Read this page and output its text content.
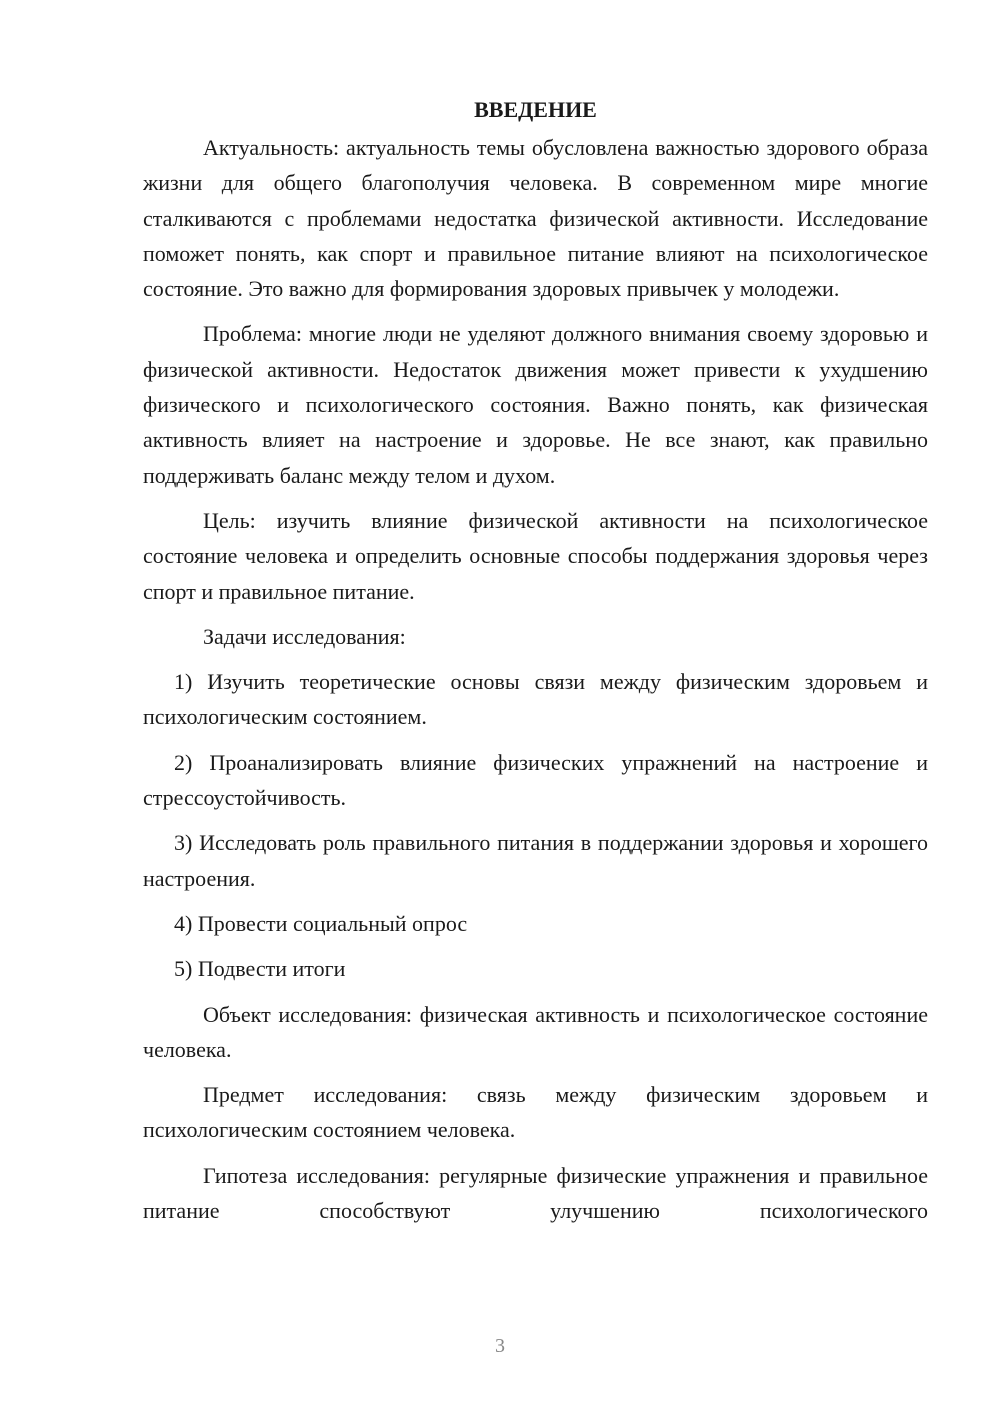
ВВЕДЕНИЕ

Актуальность: актуальность темы обусловлена важностью здорового образа жизни для общего благополучия человека. В современном мире многие сталкиваются с проблемами недостатка физической активности. Исследование поможет понять, как спорт и правильное питание влияют на психологическое состояние. Это важно для формирования здоровых привычек у молодежи.

Проблема: многие люди не уделяют должного внимания своему здоровью и физической активности. Недостаток движения может привести к ухудшению физического и психологического состояния. Важно понять, как физическая активность влияет на настроение и здоровье. Не все знают, как правильно поддерживать баланс между телом и духом.

Цель: изучить влияние физической активности на психологическое состояние человека и определить основные способы поддержания здоровья через спорт и правильное питание.

Задачи исследования:

1) Изучить теоретические основы связи между физическим здоровьем и психологическим состоянием.

2) Проанализировать влияние физических упражнений на настроение и стрессоустойчивость.

3) Исследовать роль правильного питания в поддержании здоровья и хорошего настроения.

4) Провести социальный опрос

5) Подвести итоги

Объект исследования: физическая активность и психологическое состояние человека.

Предмет исследования: связь между физическим здоровьем и психологическим состоянием человека.

Гипотеза исследования: регулярные физические упражнения и правильное питание способствуют улучшению психологического

3
